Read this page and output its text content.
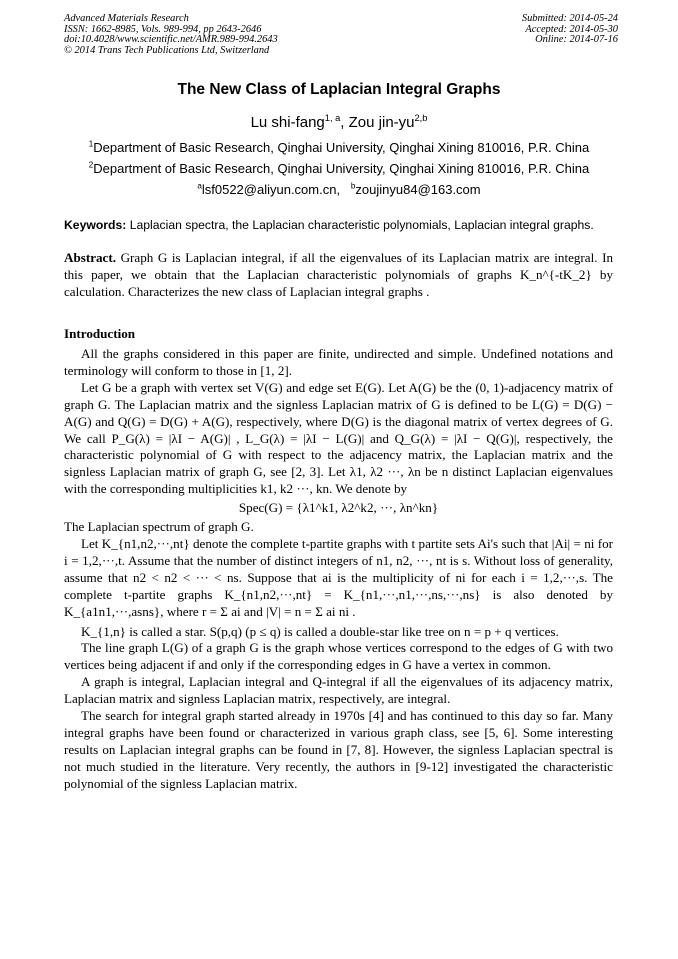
Advanced Materials Research
ISSN: 1662-8985, Vols. 989-994, pp 2643-2646
doi:10.4028/www.scientific.net/AMR.989-994.2643
© 2014 Trans Tech Publications Ltd, Switzerland
Submitted: 2014-05-24
Accepted: 2014-05-30
Online: 2014-07-16
The New Class of Laplacian Integral Graphs
Lu shi-fang$^{1, a}$, Zou jin-yu$^{2,b}$
$^1$Department of Basic Research, Qinghai University, Qinghai Xining 810016, P.R. China
$^2$Department of Basic Research, Qinghai University, Qinghai Xining 810016, P.R. China
$^a$lsf0522@aliyun.com.cn, $^b$zoujinyu84@163.com
Keywords: Laplacian spectra, the Laplacian characteristic polynomials, Laplacian integral graphs.

Abstract. Graph G is Laplacian integral, if all the eigenvalues of its Laplacian matrix are integral. In this paper, we obtain that the Laplacian characteristic polynomials of graphs K_n^{-tK_2} by calculation. Characterizes the new class of Laplacian integral graphs .

Introduction

All the graphs considered in this paper are finite, undirected and simple. Undefined notations and terminology will conform to those in [1, 2].

Let G be a graph with vertex set V(G) and edge set E(G). Let A(G) be the (0, 1)-adjacency matrix of graph G. The Laplacian matrix and the signless Laplacian matrix of G is defined to be L(G) = D(G) − A(G) and Q(G) = D(G) + A(G), respectively, where D(G) is the diagonal matrix of vertex degrees of G. We call P_G(λ) = |λI − A(G)| , L_G(λ) = |λI − L(G)| and Q_G(λ) = |λI − Q(G)|, respectively, the characteristic polynomial of G with respect to the adjacency matrix, the Laplacian matrix and the signless Laplacian matrix of graph G, see [2, 3]. Let λ1, λ2 ···, λn be n distinct Laplacian eigenvalues with the corresponding multiplicities k1, k2 ···, kn. We denote by

Spec(G) = {λ1^k1, λ2^k2, ···, λn^kn}

The Laplacian spectrum of graph G.

Let K_{n1,n2,···,nt} denote the complete t-partite graphs with t partite sets Ai's such that |Ai| = ni for i = 1,2,···,t. Assume that the number of distinct integers of n1, n2, ···, nt is s. Without loss of generality, assume that n2 < n2 < ··· < ns. Suppose that ai is the multiplicity of ni for each i = 1,2,···,s. The complete t-partite graphs K_{n1,n2,···,nt} = K_{n1,···,n1,···,ns,···,ns} is also denoted by K_{a1n1,···,asns}, where r = Σ ai and |V| = n = Σ ai ni .

K_{1,n} is called a star. S(p,q) (p ≤ q) is called a double-star like tree on n = p + q vertices.

The line graph L(G) of a graph G is the graph whose vertices correspond to the edges of G with two vertices being adjacent if and only if the corresponding edges in G have a vertex in common.

A graph is integral, Laplacian integral and Q-integral if all the eigenvalues of its adjacency matrix, Laplacian matrix and signless Laplacian matrix, respectively, are integral.

The search for integral graph started already in 1970s [4] and has continued to this day so far. Many integral graphs have been found or characterized in various graph class, see [5, 6]. Some interesting results on Laplacian integral graphs can be found in [7, 8]. However, the signless Laplacian spectral is not much studied in the literature. Very recently, the authors in [9-12] investigated the characteristic polynomial of the signless Laplacian matrix.
